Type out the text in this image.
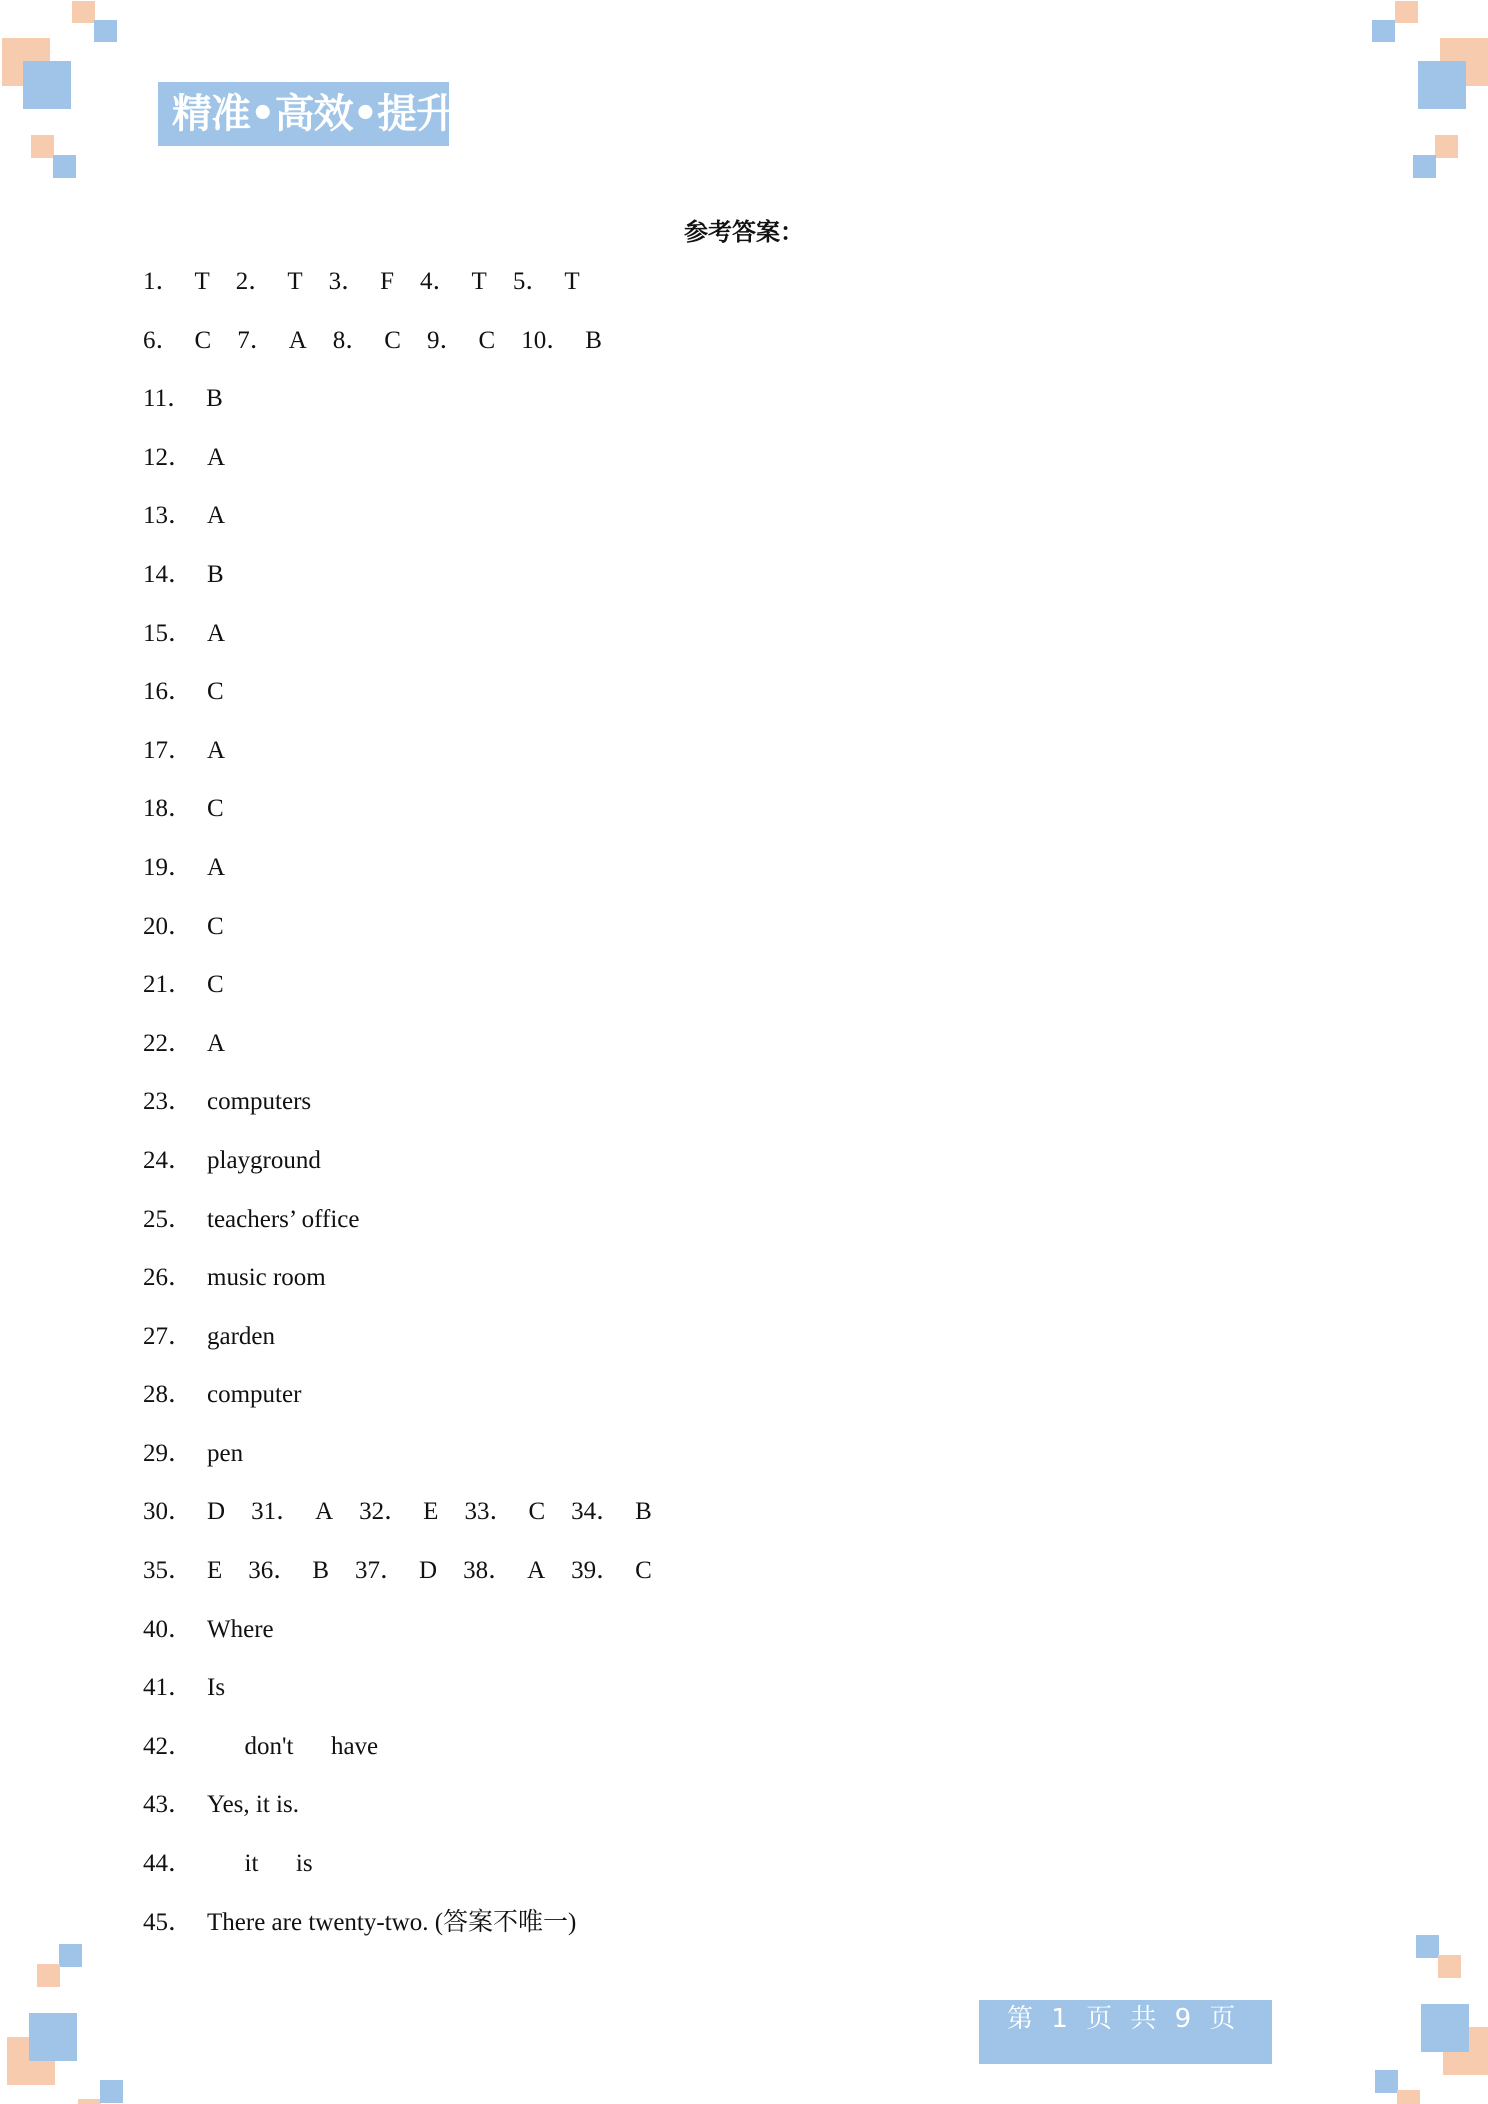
精准•高效•提升
参考答案：
1． T 2． T 3． F 4． T 5． T
6． C 7． A 8． C 9． C 10． B
11． B
12． A
13． A
14． B
15． A
16． C
17． A
18． C
19． A
20． C
21． C
22． A
23． computers
24． playground
25． teachers’ office
26． music room
27． garden
28． computer
29． pen
30． D 31． A 32． E 33． C 34． B
35． E 36． B 37． D 38． A 39． C
40． Where
41． Is
42．      don't      have
43． Yes, it is.
44．      it      is
45． There are twenty-two. (答案不唯一)
第 1 页 共 9 页
